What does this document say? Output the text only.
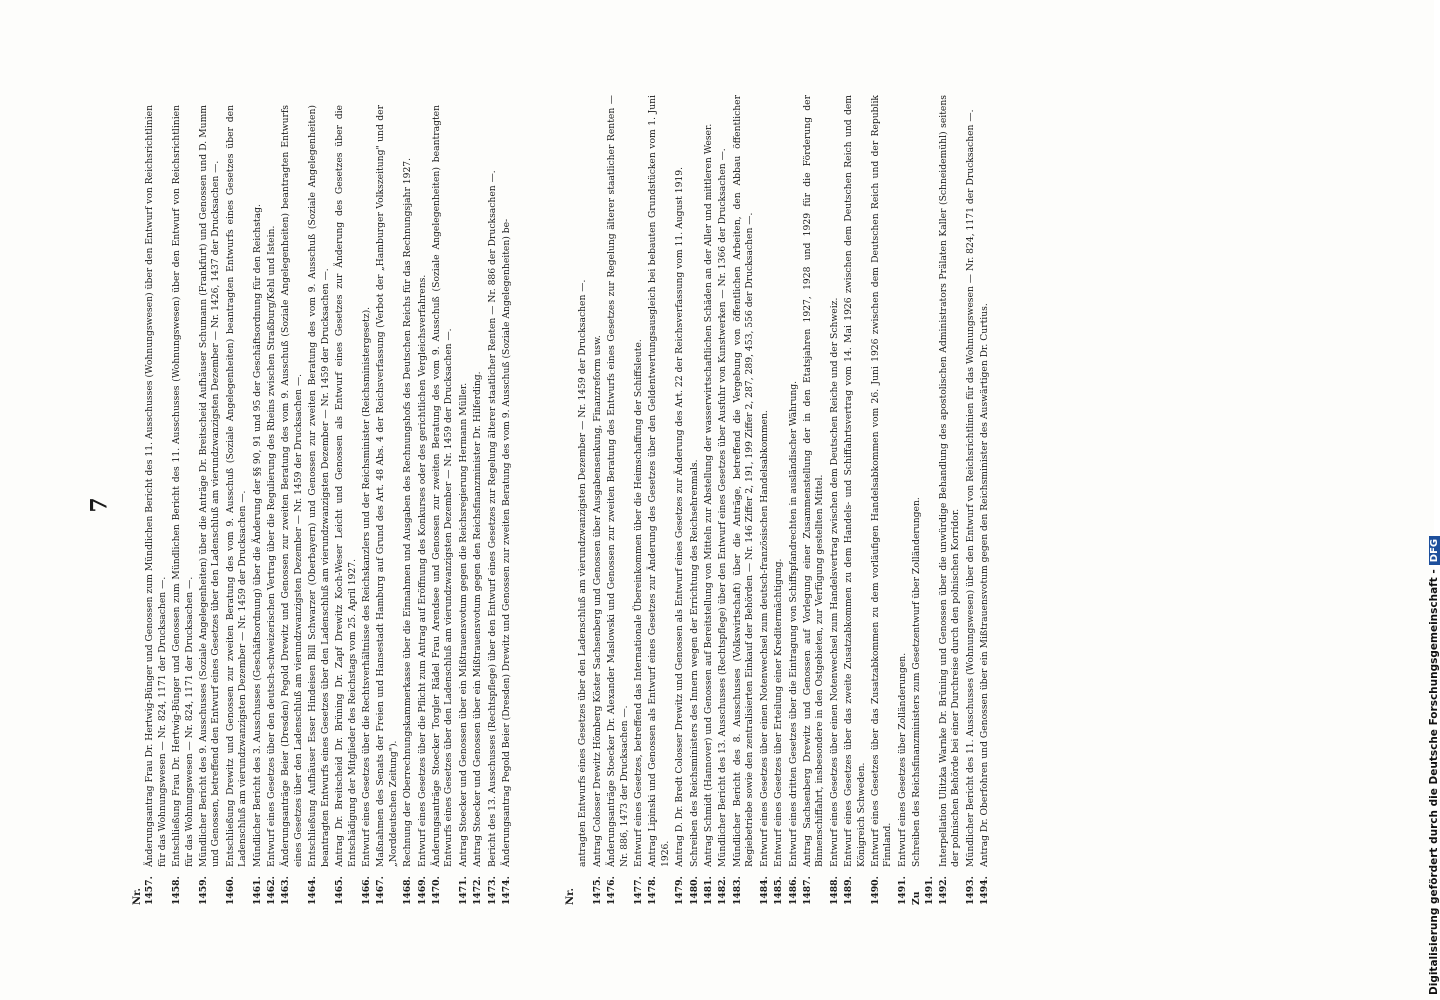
7
Nr. 1457.
Änderungsantrag Frau Dr. Hertwig-Bünger und Genossen zum Mündlichen Bericht des 11. Ausschusses (Wohnungswesen) über den Entwurf von Reichsrichtlinien für das Wohnungswesen — Nr. 824, 1171 der Drucksachen —.
1458.
Entschließung Frau Dr. Hertwig-Bünger und Genossen zum Mündlichen Bericht des 11. Ausschusses (Wohnungswesen) über den Entwurf von Reichsrichtlinien für das Wohnungswesen — Nr. 824, 1171 der Drucksachen —.
1459.
Mündlicher Bericht des 9. Ausschusses (Soziale Angelegenheiten) über die Anträge Dr. Breitscheid Aufhäuser Schumann (Frankfurt) und Genossen und D. Mumm und Genossen, betreffend den Entwurf eines Gesetzes über den Ladenschluß am vierundzwanzigsten Dezember — Nr. 1426, 1437 der Drucksachen —.
1460.
Entschließung Drewitz und Genossen zur zweiten Beratung des vom 9. Ausschuß (Soziale Angelegenheiten) beantragten Entwurfs eines Gesetzes über den Ladenschluß am vierundzwanzigsten Dezember — Nr. 1459 der Drucksachen —.
1461.
Mündlicher Bericht des 3. Ausschusses (Geschäftsordnung) über die Änderung der §§ 90, 91 und 95 der Geschäftsordnung für den Reichstag.
1462.
Entwurf eines Gesetzes über den deutsch-schweizerischen Vertrag über die Regulierung des Rheins zwischen Straßburg/Kehl und Istein.
1463.
Änderungsanträge Beier (Dresden) Pegold Drewitz und Genossen zur zweiten Beratung des vom 9. Ausschuß (Soziale Angelegenheiten) beantragten Entwurfs eines Gesetzes über den Ladenschluß am vierundzwanzigsten Dezember — Nr. 1459 der Drucksachen —.
1464.
Entschließung Aufhäuser Esser Hindeisen Bill Schwarzer (Oberbayern) und Genossen zur zweiten Beratung des vom 9. Ausschuß (Soziale Angelegenheiten) beantragten Entwurfs eines Gesetzes über den Ladenschluß am vierundzwanzigsten Dezember — Nr. 1459 der Drucksachen —.
1465.
Antrag Dr. Breitscheid Dr. Brüning Dr. Zapf Drewitz Koch-Weser Leicht und Genossen als Entwurf eines Gesetzes zur Änderung des Gesetzes über die Entschädigung der Mitglieder des Reichstags vom 25. April 1927.
1466.
Entwurf eines Gesetzes über die Rechtsverhältnisse des Reichskanzlers und der Reichsminister (Reichsministergesetz).
1467.
Maßnahmen des Senats der Freien und Hansestadt Hamburg auf Grund des Art. 48 Abs. 4 der Reichsverfassung (Verbot der „Hamburger Volkszeitung" und der „Norddeutschen Zeitung").
1468.
Rechnung der Oberrechnungskammerkasse über die Einnahmen und Ausgaben des Rechnungshofs des Deutschen Reichs für das Rechnungsjahr 1927.
1469.
Entwurf eines Gesetzes über die Pflicht zum Antrag auf Eröffnung des Konkurses oder des gerichtlichen Vergleichsverfahrens.
1470.
Änderungsanträge Stoecker Torgler Rädel Frau Arendsee und Genossen zur zweiten Beratung des vom 9. Ausschuß (Soziale Angelegenheiten) beantragten Entwurfs eines Gesetzes über den Ladenschluß am vierundzwanzigsten Dezember — Nr. 1459 der Drucksachen —.
1471.
Antrag Stoecker und Genossen über ein Mißtrauensvotum gegen die Reichsregierung Hermann Müller.
1472.
Antrag Stoecker und Genossen über ein Mißtrauensvotum gegen den Reichsfinanzminister Dr. Hilferding.
1473.
Bericht des 13. Ausschusses (Rechtspflege) über den Entwurf eines Gesetzes zur Regelung älterer staatlicher Renten — Nr. 886 der Drucksachen —.
1474.
Änderungsantrag Pegold Beier (Dresden) Drewitz und Genossen zur zweiten Beratung des vom 9. Ausschuß (Soziale Angelegenheiten) be-	Digitalisierung gefördert durch die Deutsche Forschungsgemeinschaft -DFG
Nr.
antragten Entwurfs eines Gesetzes über den Ladenschluß am vierundzwanzigsten Dezember — Nr. 1459 der Drucksachen —.
1475.
Antrag Colosser Drewitz Hömberg Köster Sachsenberg und Genossen über Ausgabensenkung, Finanzreform usw.
1476.
Änderungsanträge Stoecker Dr. Alexander Maslowski und Genossen zur zweiten Beratung des Entwurfs eines Gesetzes zur Regelung älterer staatlicher Renten — Nr. 886, 1473 der Drucksachen —.
1477.
Entwurf eines Gesetzes, betreffend das Internationale Übereinkommen über die Heimschaffung der Schiffsleute.
1478.
Antrag Lipinski und Genossen als Entwurf eines Gesetzes zur Änderung des Gesetzes über den Geldentwertungsausgleich bei bebauten Grundstücken vom 1. Juni 1926.
1479.
Antrag D. Dr. Bredt Colosser Drewitz und Genossen als Entwurf eines Gesetzes zur Änderung des Art. 22 der Reichsverfassung vom 11. August 1919.
1480.
Schreiben des Reichsministers des Innern wegen der Errichtung des Reichsehrenmals.
1481.
Antrag Schmidt (Hannover) und Genossen auf Bereitstellung von Mitteln zur Abstellung der wasserwirtschaftlichen Schäden an der Aller und mittleren Weser.
1482.
Mündlicher Bericht des 13. Ausschusses (Rechtspflege) über den Entwurf eines Gesetzes über Ausfuhr von Kunstwerken — Nr. 1366 der Drucksachen —.
1483.
Mündlicher Bericht des 8. Ausschusses (Volkswirtschaft) über die Anträge, betreffend die Vergebung von öffentlichen Arbeiten, den Abbau öffentlicher Regiebetriebe sowie den zentralisierten Einkauf der Behörden — Nr. 146 Ziffer 2, 191, 199 Ziffer 2, 287, 289, 453, 556 der Drucksachen —.
1484.
Entwurf eines Gesetzes über einen Notenwechsel zum deutsch-französischen Handelsabkommen.
1485.
Entwurf eines Gesetzes über Erteilung einer Kreditermächtigung.
1486.
Entwurf eines dritten Gesetzes über die Eintragung von Schiffspfandrechten in ausländischer Währung.
1487.
Antrag Sachsenberg Drewitz und Genossen auf Vorlegung einer Zusammenstellung der in den Etatsjahren 1927, 1928 und 1929 für die Förderung der Binnenschiffahrt, insbesondere in den Ostgebieten, zur Verfügung gestellten Mittel.
1488.
Entwurf eines Gesetzes über einen Notenwechsel zum Handelsvertrag zwischen dem Deutschen Reiche und der Schweiz.
1489.
Entwurf eines Gesetzes über das zweite Zusatzabkommen zu dem Handels- und Schiffahrtsvertrag vom 14. Mai 1926 zwischen dem Deutschen Reich und dem Königreich Schweden.
1490.
Entwurf eines Gesetzes über das Zusatzabkommen zu dem vorläufigen Handelsabkommen vom 26. Juni 1926 zwischen dem Deutschen Reich und der Republik Finnland.
1491.
Entwurf eines Gesetzes über Zolländerungen.
Zu 1491.
Schreiben des Reichsfinanzministers zum Gesetzentwurf über Zolländerungen.
1492.
Interpellation Ulitzka Warnke Dr. Brüning und Genossen über die unwürdige Behandlung des apostolischen Administrators Prälaten Kaller (Schneidemühl) seitens der polnischen Behörde bei einer Durchreise durch den polnischen Korridor.
1493.
Mündlicher Bericht des 11. Ausschusses (Wohnungswesen) über den Entwurf von Reichsrichtlinien für das Wohnungswesen — Nr. 824, 1171 der Drucksachen —.
1494.
Antrag Dr. Oberfohren und Genossen über ein Mißtrauensvotum gegen den Reichsminister des Auswärtigen Dr. Curtius.
